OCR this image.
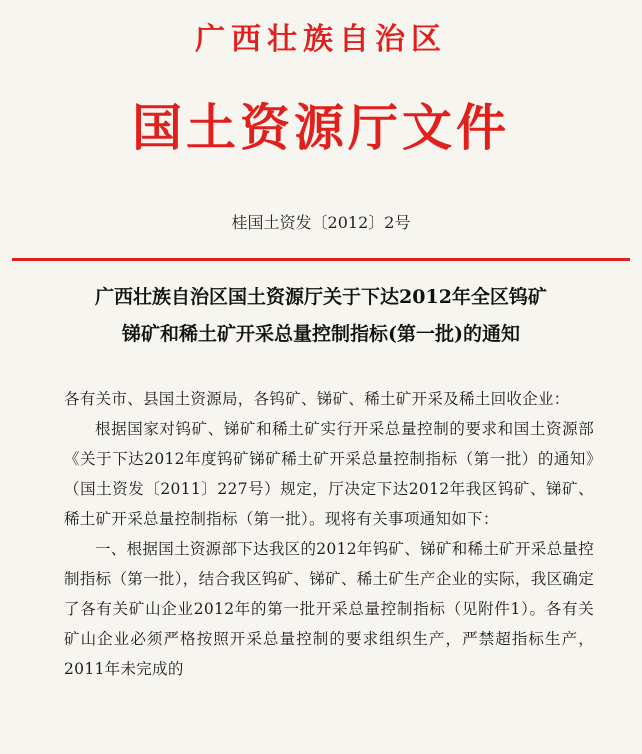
广西壮族自治区
国土资源厅文件
桂国土资发〔2012〕2号
广西壮族自治区国土资源厅关于下达2012年全区钨矿
锑矿和稀土矿开采总量控制指标(第一批)的通知

各有关市、县国土资源局，各钨矿、锑矿、稀土矿开采及稀土回收企业：

根据国家对钨矿、锑矿和稀土矿实行开采总量控制的要求和国土资源部《关于下达2012年度钨矿锑矿稀土矿开采总量控制指标（第一批）的通知》（国土资发〔2011〕227号）规定，厅决定下达2012年我区钨矿、锑矿、稀土矿开采总量控制指标（第一批）。现将有关事项通知如下：

一、根据国土资源部下达我区的2012年钨矿、锑矿和稀土矿开采总量控制指标（第一批），结合我区钨矿、锑矿、稀土矿生产企业的实际，我区确定了各有关矿山企业2012年的第一批开采总量控制指标（见附件1）。各有关矿山企业必须严格按照开采总量控制的要求组织生产，严禁超指标生产，2011年未完成的
